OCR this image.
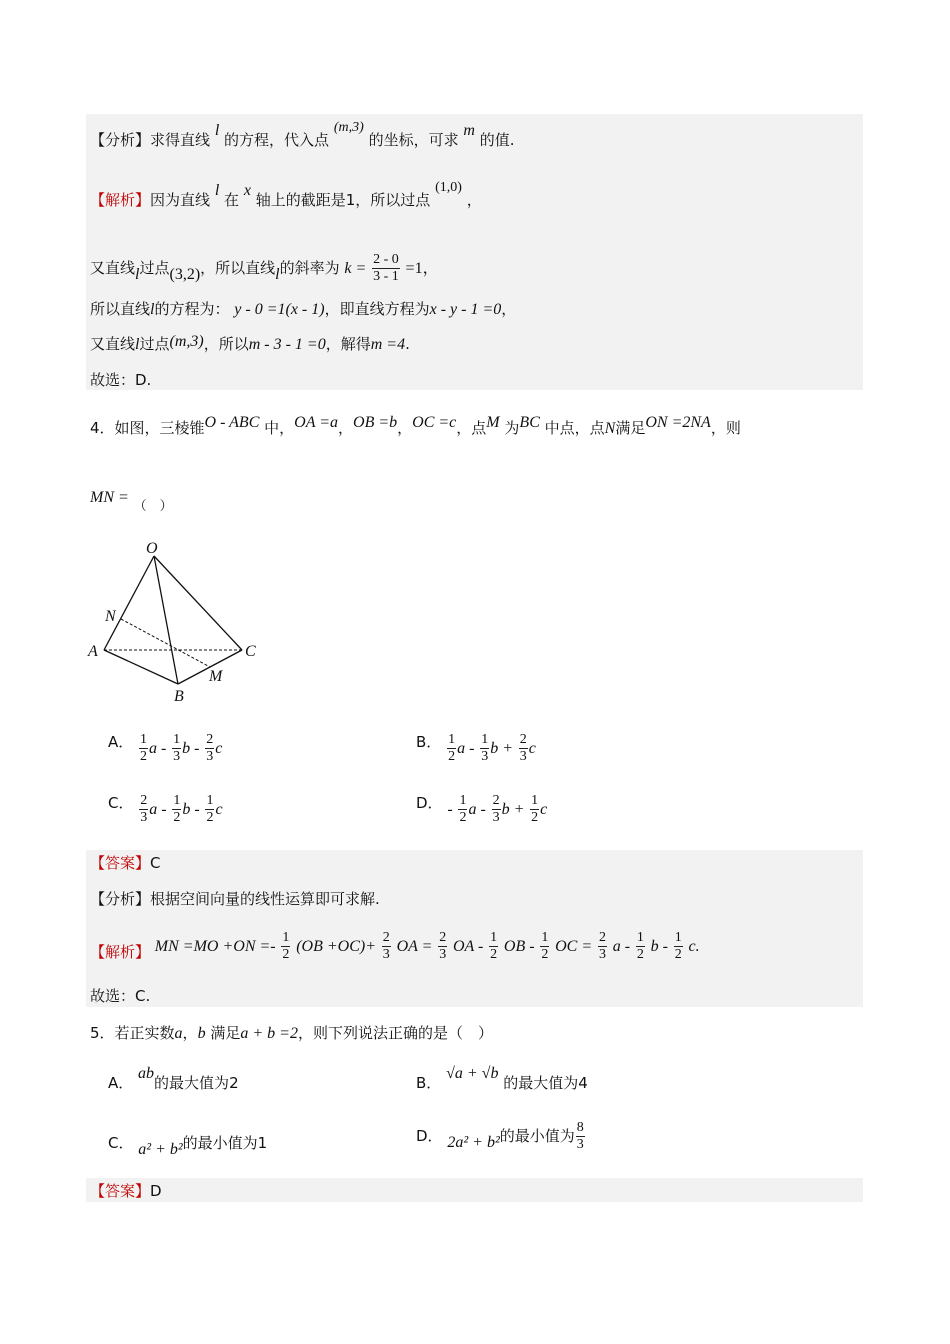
【分析】求得直线 l 的方程，代入点 (m,3) 的坐标，可求 m 的值.
【解析】因为直线 l 在 x 轴上的截距是1，所以过点 (1,0) ，
又直线l过点(3,2)，所以直线l的斜率为 $k = \frac{2 - 0}{3 - 1} =1$，
所以直线l的方程为： y - 0 =1(x - 1)，即直线方程为x - y - 1 =0，
又直线l过点(m,3)，所以m - 3 - 1 =0，解得m =4.
故选：D.
4．如图，三棱锥O - ABC 中，OA =a，OB =b，OC =c，点M 为BC 中点，点N满足ON =2NA，则
MN = （　）
O
N
A	C
M
B
A． $\frac{1}{2}$ a - $\frac{1}{3}$ b - $\frac{2}{3}$ c	B． $\frac{1}{2}$ a - $\frac{1}{3}$ $b + \frac{2}{3}$ c
C． $\frac{2}{3}$ a - $\frac{1}{2}$ b - $\frac{1}{2}$ c	D． - $\frac{1}{2}$ a - $\frac{2}{3}$ $b + \frac{1}{2}$ c
【答案】C
【分析】根据空间向量的线性运算即可求解.
【解析】 MN $=MO +ON =- \frac{1}{2} (OB +OC)+ \frac{2}{3}$ OA = $\frac{2}{3}$ OA - $\frac{1}{2}$ OB - $\frac{1}{2}$ OC = $\frac{2}{3}$ a - $\frac{1}{2}$ b - $\frac{1}{2} c$.
故选：C.
5．若正实数a，b 满足a + b =2，则下列说法正确的是（　）
A． ab的最大值为2	B． √a + √b 的最大值为4
C． a² + b²的最小值为1	D． 2a² + b²的最小值为 $\frac{8}{3}$
【答案】D
